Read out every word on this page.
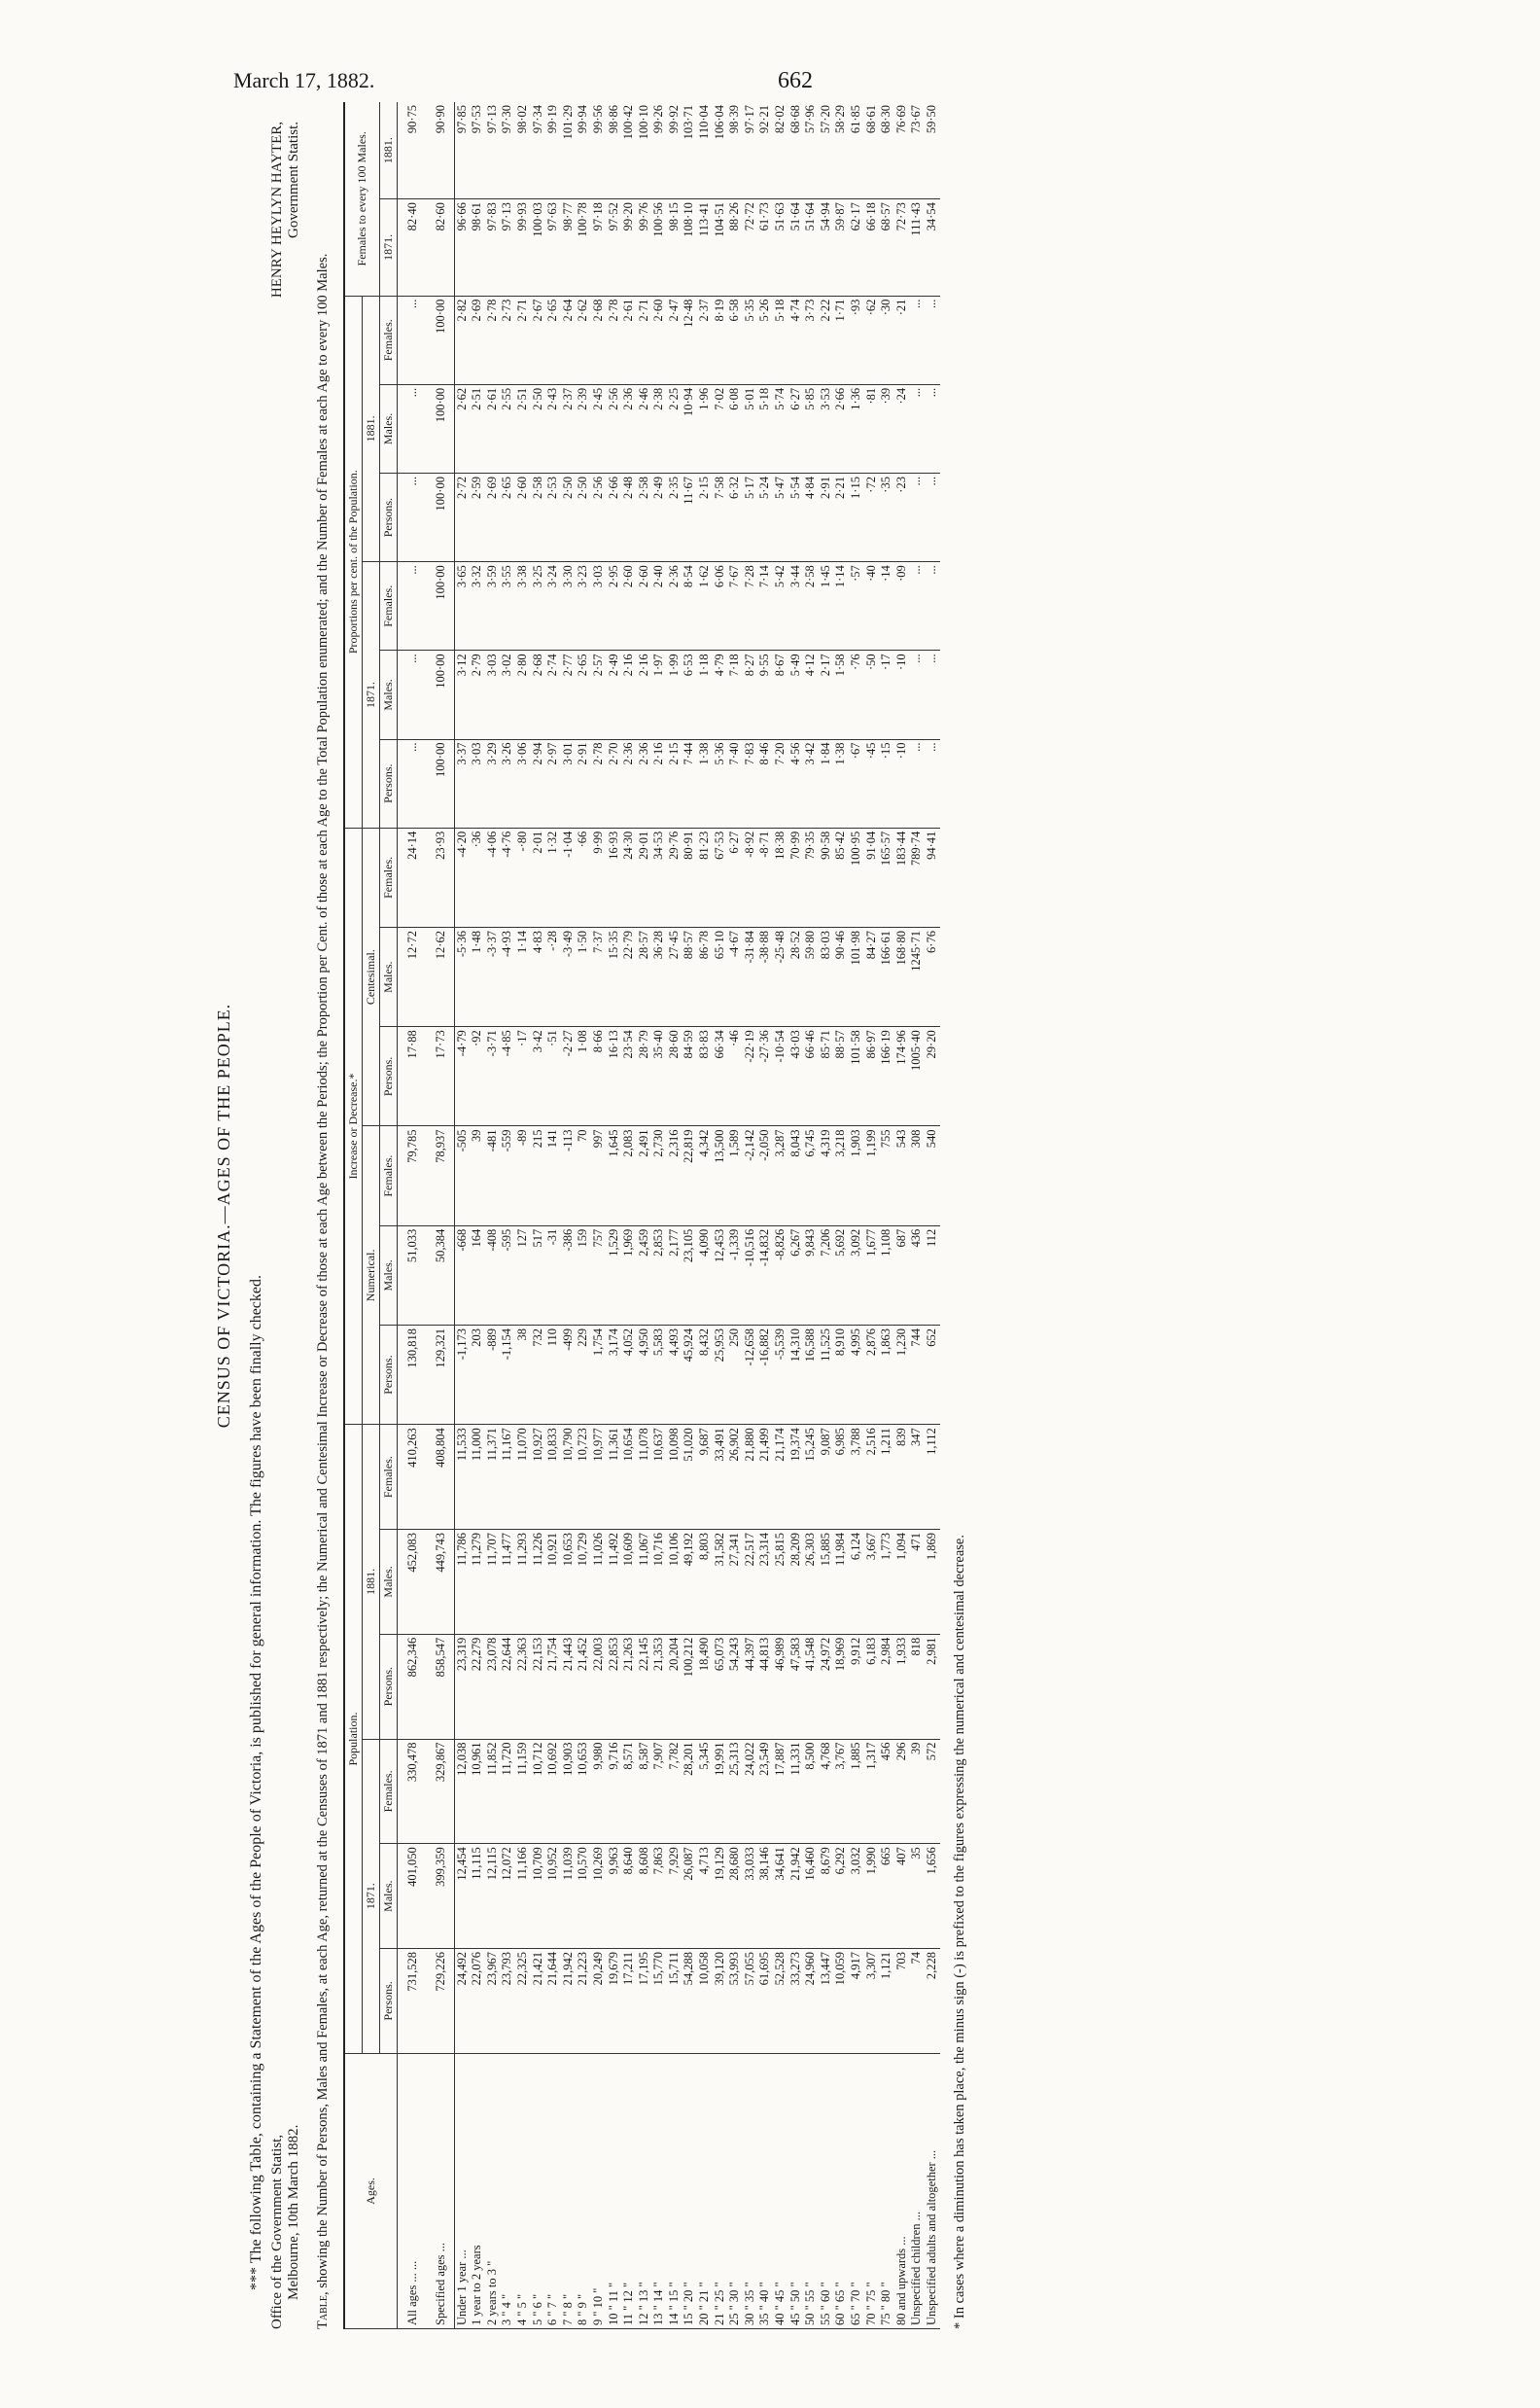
March 17, 1882.	662
CENSUS OF VICTORIA.—AGES OF THE PEOPLE.
*** The following Table, containing a Statement of the Ages of the People of Victoria, is published for general information. The figures have been finally checked. Office of the Government Statist, Melbourne, 10th March 1882.
HENRY HEYLYN HAYTER, Government Statist.
Table, showing the Number of Persons, Males and Females, at each Age, returned at the Censuses of 1871 and 1881 respectively; the Numerical and Centesimal Increase or Decrease of those at each Age between the Periods; the Proportion per Cent. of those at each Age to the Total Population enumerated; and the Number of Females at each Age to every 100 Males.	Ages.	Population.						Increase or Decrease.*						Proportions per cent. of the Population.						Females to every 100 Males.	
	1871.			1881.			Numerical.			Centesimal.			1871.			1881.				
	Persons.	Males.	Females.	Persons.	Males.	Females.	Persons.	Males.	Females.	Persons.	Males.	Females.	Persons.	Males.	Females.	Persons.	Males.	Females.	1871.	1881.
All ages ... ...	731,528	401,050	330,478	862,346	452,083	410,263	130,818	51,033	79,785	17·88	12·72	24·14	...	...	...	...	...	...	82·40	90·75
Specified ages ...	729,226	399,359	329,867	858,547	449,743	408,804	129,321	50,384	78,937	17·73	12·62	23·93	100·00	100·00	100·00	100·00	100·00	100·00	82·60	90·90
Under 1 year ...	24,492	12,454	12,038	23,319	11,786	11,533	-1,173	-668	-505	-4·79	-5·36	-4·20	3·37	3·12	3·65	2·72	2·62	2·82	96·66	97·85
1 year to 2 years	22,076	11,115	10,961	22,279	11,279	11,000	203	164	39	·92	1·48	·36	3·03	2·79	3·32	2·59	2·51	2·69	98·61	97·53
2 years to 3 "	23,967	12,115	11,852	23,078	11,707	11,371	-889	-408	-481	-3·71	-3·37	-4·06	3·29	3·03	3·59	2·69	2·61	2·78	97·83	97·13
3 " 4 "	23,793	12,072	11,720	22,644	11,477	11,167	-1,154	-595	-559	-4·85	-4·93	-4·76	3·26	3·02	3·55	2·65	2·55	2·73	97·13	97·30
4 " 5 "	22,325	11,166	11,159	22,363	11,293	11,070	38	127	-89	·17	1·14	-·80	3·06	2·80	3·38	2·60	2·51	2·71	99·93	98·02
5 " 6 "	21,421	10,709	10,712	22,153	11,226	10,927	732	517	215	3·42	4·83	2·01	2·94	2·68	3·25	2·58	2·50	2·67	100·03	97·34
6 " 7 "	21,644	10,952	10,692	21,754	10,921	10,833	110	-31	141	·51	-·28	1·32	2·97	2·74	3·24	2·53	2·43	2·65	97·63	99·19
7 " 8 "	21,942	11,039	10,903	21,443	10,653	10,790	-499	-386	-113	-2·27	-3·49	-1·04	3·01	2·77	3·30	2·50	2·37	2·64	98·77	101·29
8 " 9 "	21,223	10,570	10,653	21,452	10,729	10,723	229	159	70	1·08	1·50	·66	2·91	2·65	3·23	2·50	2·39	2·62	100·78	99·94
9 " 10 "	20,249	10,269	9,980	22,003	11,026	10,977	1,754	757	997	8·66	7·37	9·99	2·78	2·57	3·03	2·56	2·45	2·68	97·18	99·56
10 " 11 "	19,679	9,963	9,716	22,853	11,492	11,361	3,174	1,529	1,645	16·13	15·35	16·93	2·70	2·49	2·95	2·66	2·56	2·78	97·52	98·86
11 " 12 "	17,211	8,640	8,571	21,263	10,609	10,654	4,052	1,969	2,083	23·54	22·79	24·30	2·36	2·16	2·60	2·48	2·36	2·61	99·20	100·42
12 " 13 "	17,195	8,608	8,587	22,145	11,067	11,078	4,950	2,459	2,491	28·79	28·57	29·01	2·36	2·16	2·60	2·58	2·46	2·71	99·76	100·10
13 " 14 "	15,770	7,863	7,907	21,353	10,716	10,637	5,583	2,853	2,730	35·40	36·28	34·53	2·16	1·97	2·40	2·49	2·38	2·60	100·56	99·26
14 " 15 "	15,711	7,929	7,782	20,204	10,106	10,098	4,493	2,177	2,316	28·60	27·45	29·76	2·15	1·99	2·36	2·35	2·25	2·47	98·15	99·92
15 " 20 "	54,288	26,087	28,201	100,212	49,192	51,020	45,924	23,105	22,819	84·59	88·57	80·91	7·44	6·53	8·54	11·67	10·94	12·48	108·10	103·71
20 " 21 "	10,058	4,713	5,345	18,490	8,803	9,687	8,432	4,090	4,342	83·83	86·78	81·23	1·38	1·18	1·62	2·15	1·96	2·37	113·41	110·04
21 " 25 "	39,120	19,129	19,991	65,073	31,582	33,491	25,953	12,453	13,500	66·34	65·10	67·53	5·36	4·79	6·06	7·58	7·02	8·19	104·51	106·04
25 " 30 "	53,993	28,680	25,313	54,243	27,341	26,902	250	-1,339	1,589	·46	-4·67	6·27	7·40	7·18	7·67	6·32	6·08	6·58	88·26	98·39
30 " 35 "	57,055	33,033	24,022	44,397	22,517	21,880	-12,658	-10,516	-2,142	-22·19	-31·84	-8·92	7·83	8·27	7·28	5·17	5·01	5·35	72·72	97·17
35 " 40 "	61,695	38,146	23,549	44,813	23,314	21,499	-16,882	-14,832	-2,050	-27·36	-38·88	-8·71	8·46	9·55	7·14	5·24	5·18	5·26	61·73	92·21
40 " 45 "	52,528	34,641	17,887	46,989	25,815	21,174	-5,539	-8,826	3,287	-10·54	-25·48	18·38	7·20	8·67	5·42	5·47	5·74	5·18	51·63	82·02
45 " 50 "	33,273	21,942	11,331	47,583	28,209	19,374	14,310	6,267	8,043	43·03	28·52	70·99	4·56	5·49	3·44	5·54	6·27	4·74	51·64	68·68
50 " 55 "	24,960	16,460	8,500	41,548	26,303	15,245	16,588	9,843	6,745	66·46	59·80	79·35	3·42	4·12	2·58	4·84	5·85	3·73	51·64	57·96
55 " 60 "	13,447	8,679	4,768	24,972	15,885	9,087	11,525	7,206	4,319	85·71	83·03	90·58	1·84	2·17	1·45	2·91	3·53	2·22	54·94	57·20
60 " 65 "	10,059	6,292	3,767	18,969	11,984	6,985	8,910	5,692	3,218	88·57	90·46	85·42	1·38	1·58	1·14	2·21	2·66	1·71	59·87	58·29
65 " 70 "	4,917	3,032	1,885	9,912	6,124	3,788	4,995	3,092	1,903	101·58	101·98	100·95	·67	·76	·57	1·15	1·36	·93	62·17	61·85
70 " 75 "	3,307	1,990	1,317	6,183	3,667	2,516	2,876	1,677	1,199	86·97	84·27	91·04	·45	·50	·40	·72	·81	·62	66·18	68·61
75 " 80 "	1,121	665	456	2,984	1,773	1,211	1,863	1,108	755	166·19	166·61	165·57	·15	·17	·14	·35	·39	·30	68·57	68·30
80 and upwards ...	703	407	296	1,933	1,094	839	1,230	687	543	174·96	168·80	183·44	·10	·10	·09	·23	·24	·21	72·73	76·69
Unspecified children ...	74	35	39	818	471	347	744	436	308	1005·40	1245·71	789·74	...	...	...	...	...	...	111·43	73·67
Unspecified adults and altogether ...	2,228	1,656	572	2,981	1,869	1,112	652	112	540	29·20	6·76	94·41	...	...	...	...	...	...	34·54	59·50
* In cases where a diminution has taken place, the minus sign (-) is prefixed to the figures expressing the numerical and centesimal decrease.
